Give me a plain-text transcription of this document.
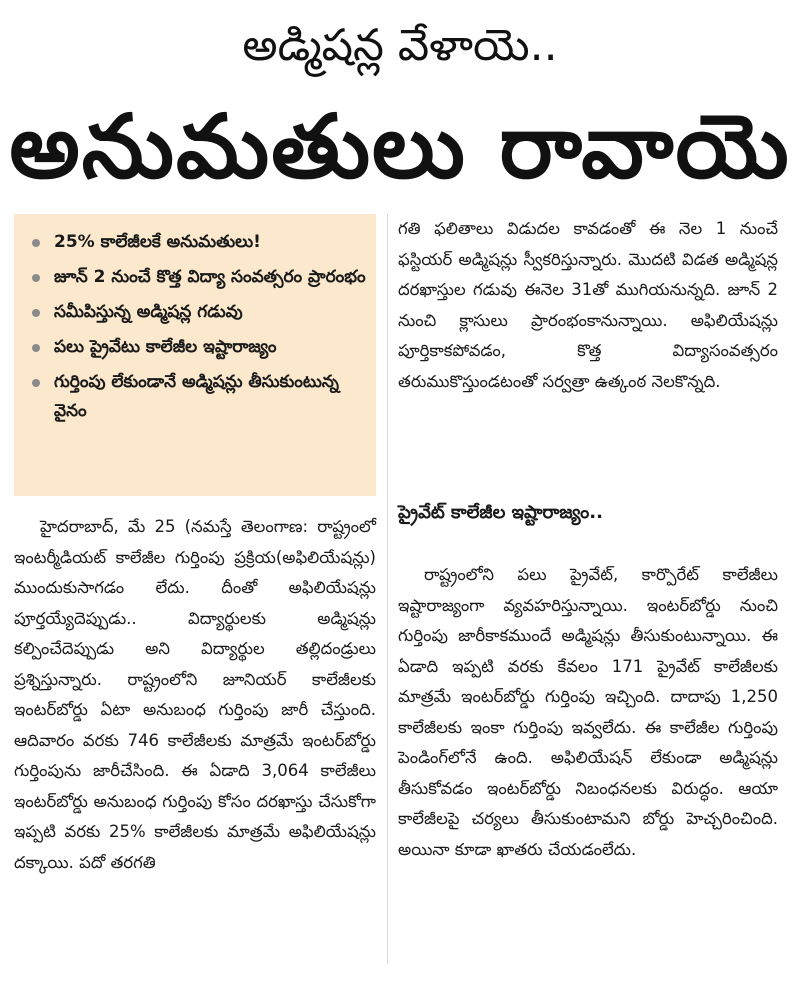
అడ్మిషన్ల వేళాయె..
అనుమతులు రావాయె
25% కాలేజీలకే అనుమతులు!
జూన్ 2 నుంచే కొత్త విద్యా సంవత్సరం ప్రారంభం
సమీపిస్తున్న అడ్మిషన్ల గడువు
పలు ప్రైవేటు కాలేజీల ఇష్టారాజ్యం
గుర్తింపు లేకుండానే అడ్మిషన్లు తీసుకుంటున్న వైనం

హైదరాబాద్, మే 25 (నమస్తే తెలంగాణ: రాష్ట్రంలో ఇంటర్మీడియట్ కాలేజీల గుర్తింపు ప్రక్రియ(అఫిలియేషన్లు) ముందుకుసాగడం లేదు. దీంతో అఫిలియేషన్లు పూర్తయ్యేదెప్పుడు.. విద్యార్థులకు అడ్మిషన్లు కల్పించేదెప్పుడు అని విద్యార్థుల తల్లిదండ్రులు ప్రశ్నిస్తున్నారు. రాష్ట్రంలోని జూనియర్ కాలేజీలకు ఇంటర్‌బోర్డు ఏటా అనుబంధ గుర్తింపు జారీ చేస్తుంది. ఆదివారం వరకు 746 కాలేజీలకు మాత్రమే ఇంటర్‌బోర్డు గుర్తింపును జారీచేసింది. ఈ ఏడాది 3,064 కాలేజీలు ఇంటర్‌బోర్డు అనుబంధ గుర్తింపు కోసం దరఖాస్తు చేసుకోగా ఇప్పటి వరకు 25% కాలేజీలకు మాత్రమే అఫిలియేషన్లు దక్కాయి. పదో తరగతి

గతి ఫలితాలు విడుదల కావడంతో ఈ నెల 1 నుంచే ఫస్టియర్ అడ్మిషన్లు స్వీకరిస్తున్నారు. మొదటి విడత అడ్మిషన్ల దరఖాస్తుల గడువు ఈనెల 31తో ముగియనున్నది. జూన్ 2 నుంచి క్లాసులు ప్రారంభంకానున్నాయి. అఫిలియేషన్లు పూర్తికాకపోవడం, కొత్త విద్యాసంవత్సరం తరుముకొస్తుండటంతో సర్వత్రా ఉత్కంఠ నెలకొన్నది.

ప్రైవేట్ కాలేజీల ఇష్టారాజ్యం..

రాష్ట్రంలోని పలు ప్రైవేట్, కార్పొరేట్ కాలేజీలు ఇష్టారాజ్యంగా వ్యవహరిస్తున్నాయి. ఇంటర్‌బోర్డు నుంచి గుర్తింపు జారీకాకముందే అడ్మిషన్లు తీసుకుంటున్నాయి. ఈ ఏడాది ఇప్పటి వరకు కేవలం 171 ప్రైవేట్ కాలేజీలకు మాత్రమే ఇంటర్‌బోర్డు గుర్తింపు ఇచ్చింది. దాదాపు 1,250 కాలేజీలకు ఇంకా గుర్తింపు ఇవ్వలేదు. ఈ కాలేజీల గుర్తింపు పెండింగ్‌లోనే ఉంది. అఫిలియేషన్ లేకుండా అడ్మిషన్లు తీసుకోవడం ఇంటర్‌బోర్డు నిబంధనలకు విరుద్ధం. ఆయా కాలేజీలపై చర్యలు తీసుకుంటామని బోర్డు హెచ్చరించింది. అయినా కూడా ఖాతరు చేయడంలేదు.
